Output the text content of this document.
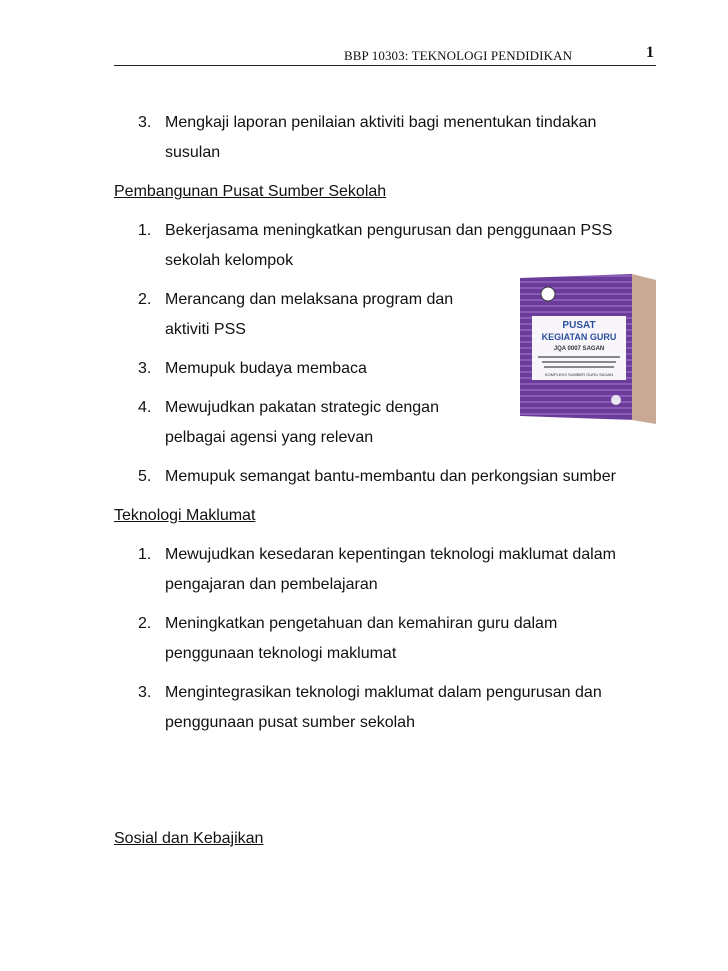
BBP 10303: TEKNOLOGI PENDIDIKAN	1
3. Mengkaji laporan penilaian aktiviti bagi menentukan tindakan
susulan

Pembangunan Pusat Sumber Sekolah

1. Bekerjasama meningkatkan pengurusan dan penggunaan PSS
sekolah kelompok
2. Merancang dan melaksana program dan
aktiviti PSS
3. Memupuk budaya membaca
4. Mewujudkan pakatan strategic dengan
pelbagai agensi yang relevan
5. Memupuk semangat bantu-membantu dan perkongsian sumber

Teknologi Maklumat

1. Mewujudkan kesedaran kepentingan teknologi maklumat dalam
pengajaran dan pembelajaran
2. Meningkatkan pengetahuan dan kemahiran guru dalam
penggunaan teknologi maklumat
3. Mengintegrasikan teknologi maklumat dalam pengurusan dan
penggunaan pusat sumber sekolah

Sosial dan Kebajikan

PUSAT
KEGIATAN GURU
JQA 0007 SAGAN
KOMPLEKS SUMBER GURU SAGAN
